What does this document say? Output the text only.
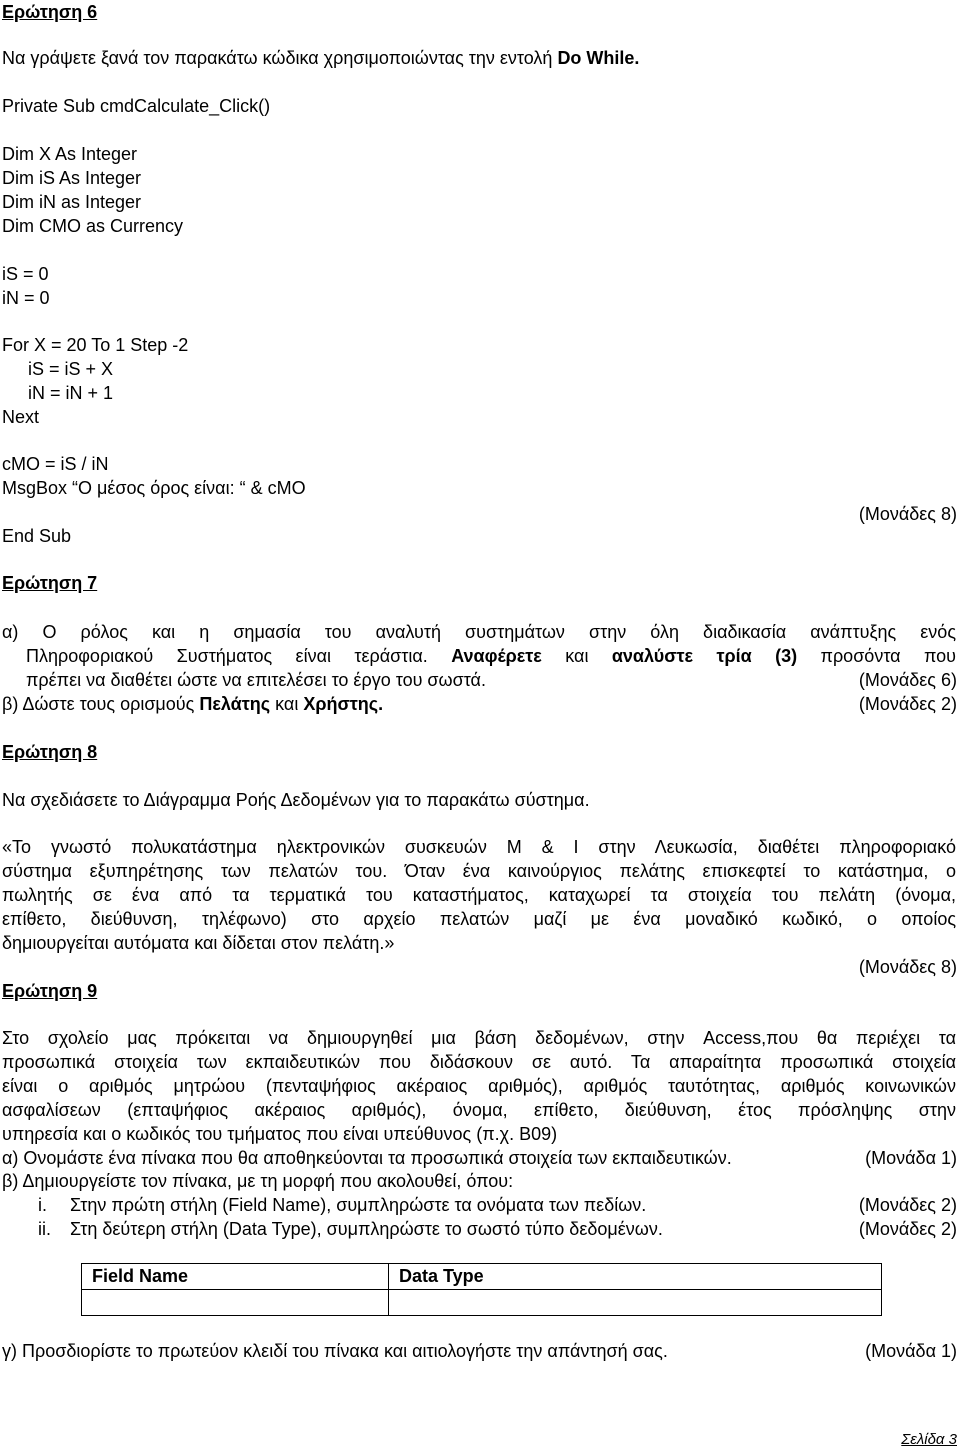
Ερώτηση 6
Να γράψετε ξανά τον παρακάτω κώδικα χρησιμοποιώντας την εντολή Do While.
Private Sub cmdCalculate_Click()
Dim X As Integer
Dim iS As Integer
Dim iN as Integer
Dim CMO as Currency
iS = 0
iN = 0
For X = 20 To 1 Step -2
iS = iS + X
iN = iN + 1
Next
cMO = iS / iN
MsgBox “O μέσος όρος είναι: “ & cMO
End Sub
(Μονάδες 8)
Ερώτηση 7
α) Ο ρόλος και η σημασία του αναλυτή συστημάτων στην όλη διαδικασία ανάπτυξης ενός
Πληροφοριακού Συστήματος είναι τεράστια. Αναφέρετε και αναλύστε τρία (3) προσόντα που
πρέπει να διαθέτει ώστε να επιτελέσει το έργο του σωστά.	(Μονάδες 6)
β) Δώστε τους ορισμούς Πελάτης και Χρήστης.	(Μονάδες 2)
Ερώτηση 8
Να σχεδιάσετε το Διάγραμμα Ροής Δεδομένων για το παρακάτω σύστημα.
«Το γνωστό πολυκατάστημα ηλεκτρονικών συσκευών Μ & Ι στην Λευκωσία, διαθέτει πληροφοριακό
σύστημα εξυπηρέτησης των πελατών του. Όταν ένα καινούργιος πελάτης επισκεφτεί το κατάστημα, ο
πωλητής σε ένα από τα τερματικά του καταστήματος, καταχωρεί τα στοιχεία του πελάτη (όνομα,
επίθετο, διεύθυνση, τηλέφωνο) στο αρχείο πελατών μαζί με ένα μοναδικό κωδικό, ο οποίος
δημιουργείται αυτόματα και δίδεται στον πελάτη.»
(Μονάδες 8)
Ερώτηση 9
Στο σχολείο μας πρόκειται να δημιουργηθεί μια βάση δεδομένων, στην Access,που θα περιέχει τα
προσωπικά στοιχεία των εκπαιδευτικών που διδάσκουν σε αυτό. Τα απαραίτητα προσωπικά στοιχεία
είναι ο αριθμός μητρώου (πενταψήφιος ακέραιος αριθμός), αριθμός ταυτότητας, αριθμός κοινωνικών
ασφαλίσεων (επταψήφιος ακέραιος αριθμός), όνομα, επίθετο, διεύθυνση, έτος πρόσληψης στην
υπηρεσία και ο κωδικός του τμήματος που είναι υπεύθυνος (π.χ. Β09)
α) Ονομάστε ένα πίνακα που θα αποθηκεύονται τα προσωπικά στοιχεία των εκπαιδευτικών.	(Μονάδα 1)
β) Δημιουργείστε τον πίνακα, με τη μορφή που ακολουθεί, όπου:
i. Στην πρώτη στήλη (Field Name), συμπληρώστε τα ονόματα των πεδίων.	(Μονάδες 2)
ii. Στη δεύτερη στήλη (Data Type), συμπληρώστε το σωστό τύπο δεδομένων.	(Μονάδες 2)
Field Name	Data Type

γ) Προσδιορίστε το πρωτεύον κλειδί του πίνακα και αιτιολογήστε την απάντησή σας.	(Μονάδα 1)
Σελίδα 3
